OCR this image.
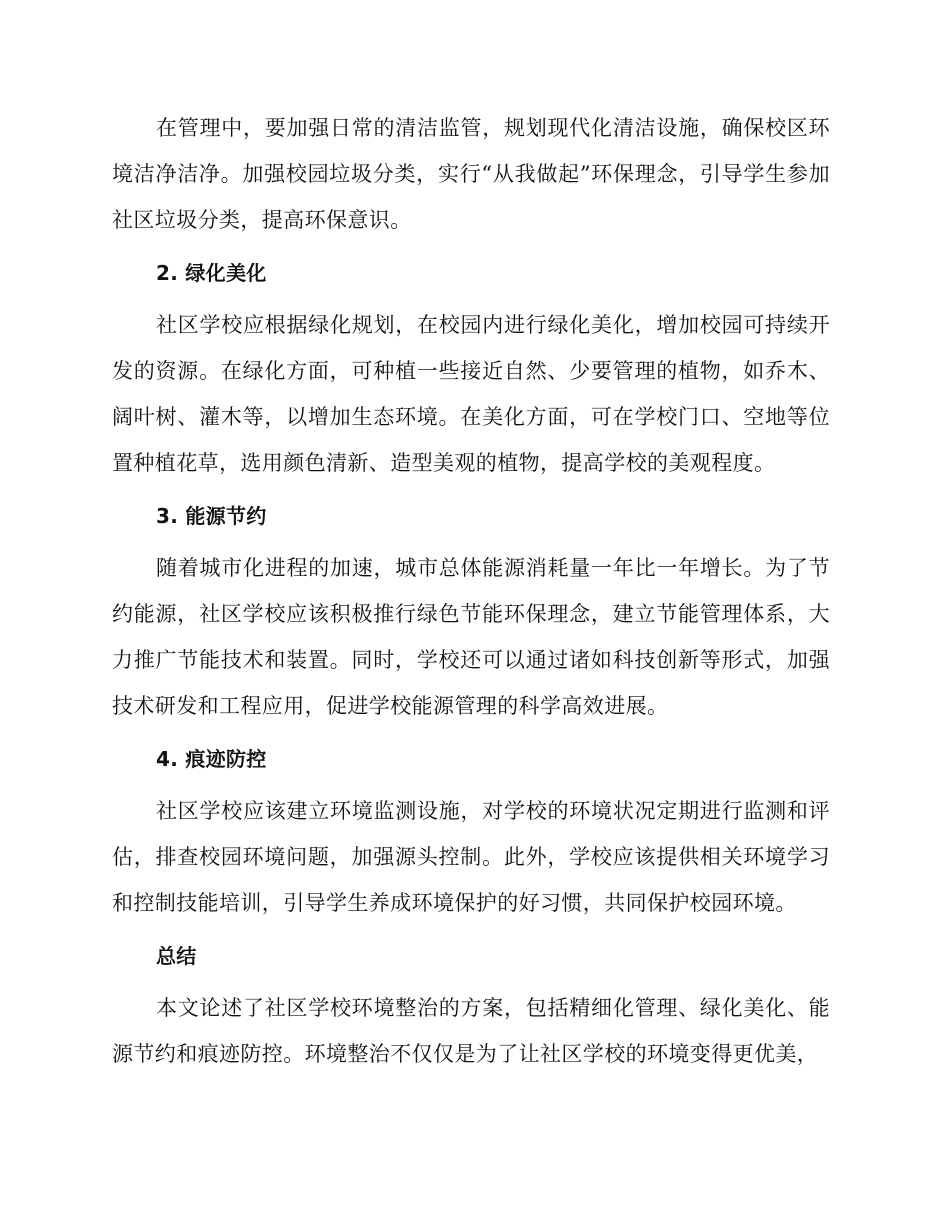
在管理中，要加强日常的清洁监管，规划现代化清洁设施，确保校区环境洁净洁净。加强校园垃圾分类，实行“从我做起”环保理念，引导学生参加社区垃圾分类，提高环保意识。

2. 绿化美化

社区学校应根据绿化规划，在校园内进行绿化美化，增加校园可持续开发的资源。在绿化方面，可种植一些接近自然、少要管理的植物，如乔木、阔叶树、灌木等，以增加生态环境。在美化方面，可在学校门口、空地等位置种植花草，选用颜色清新、造型美观的植物，提高学校的美观程度。

3. 能源节约

随着城市化进程的加速，城市总体能源消耗量一年比一年增长。为了节约能源，社区学校应该积极推行绿色节能环保理念，建立节能管理体系，大力推广节能技术和装置。同时，学校还可以通过诸如科技创新等形式，加强技术研发和工程应用，促进学校能源管理的科学高效进展。

4. 痕迹防控

社区学校应该建立环境监测设施，对学校的环境状况定期进行监测和评估，排查校园环境问题，加强源头控制。此外，学校应该提供相关环境学习和控制技能培训，引导学生养成环境保护的好习惯，共同保护校园环境。

总结

本文论述了社区学校环境整治的方案，包括精细化管理、绿化美化、能源节约和痕迹防控。环境整治不仅仅是为了让社区学校的环境变得更优美，
